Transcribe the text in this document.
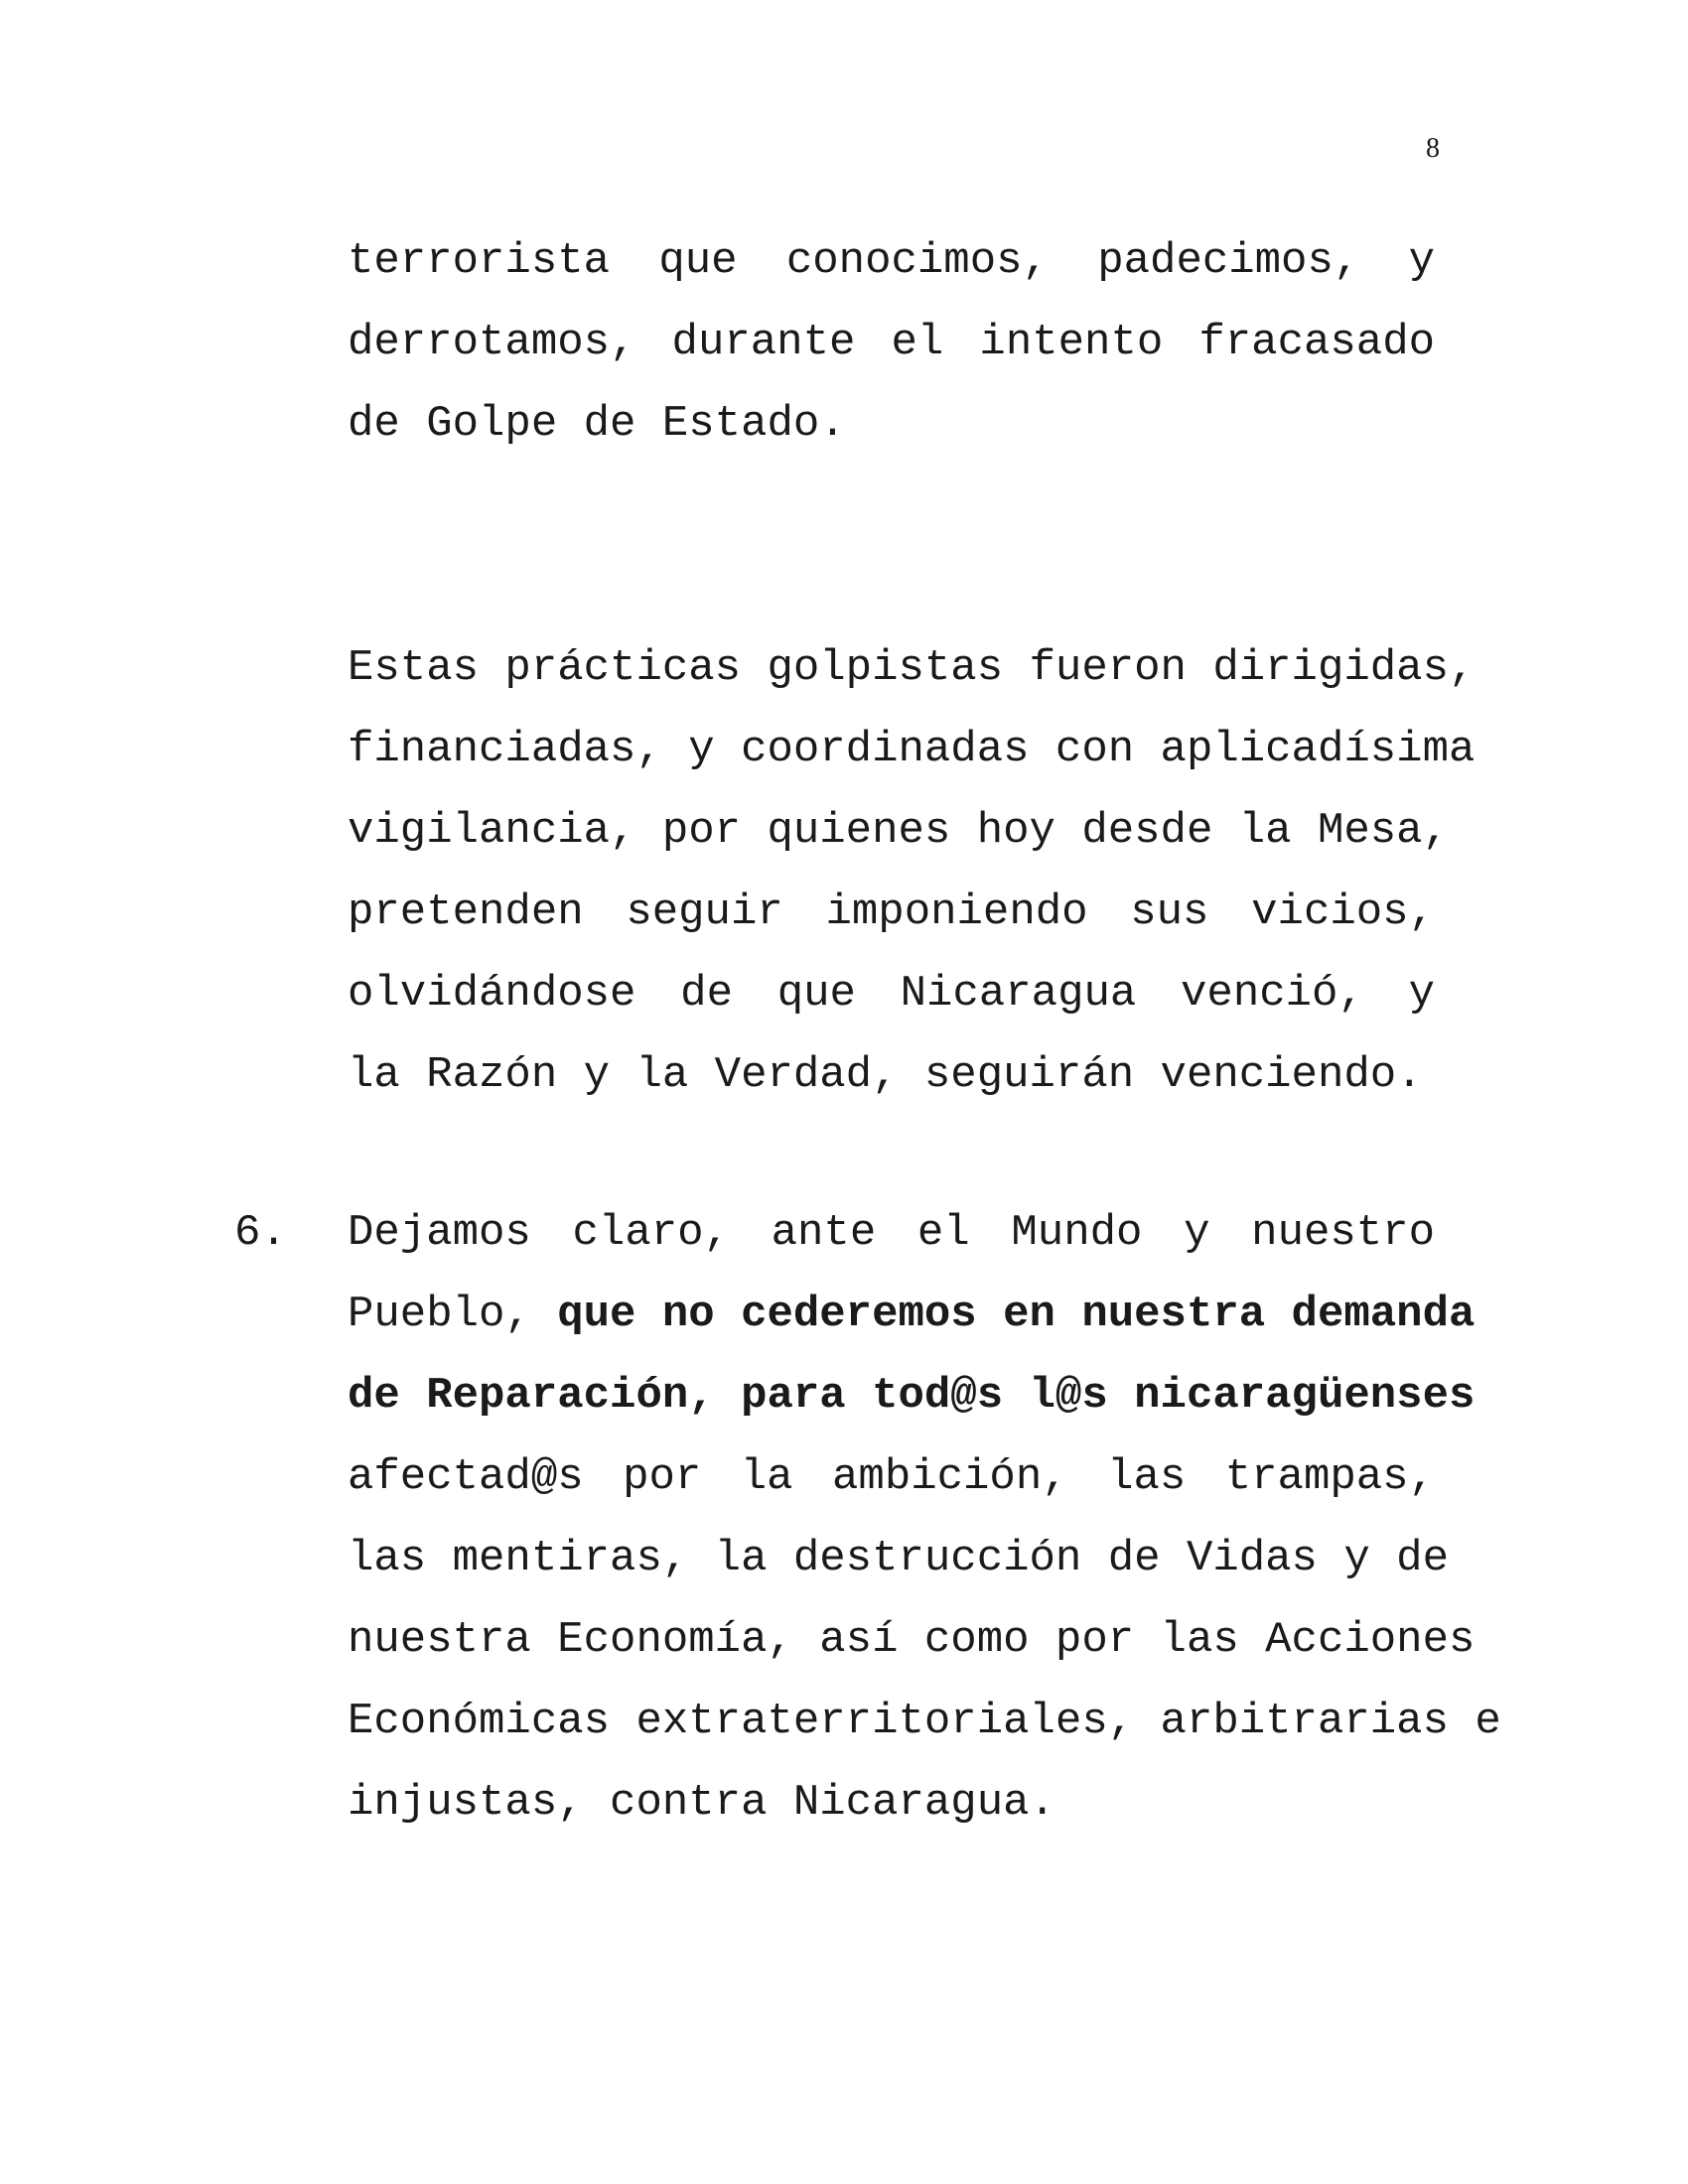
8
terrorista que conocimos, padecimos, y
derrotamos, durante el intento fracasado
de Golpe de Estado.
Estas prácticas golpistas fueron dirigidas,
financiadas, y coordinadas con aplicadísima
vigilancia, por quienes hoy desde la Mesa,
pretenden seguir imponiendo sus vicios,
olvidándose de que Nicaragua venció, y
la Razón y la Verdad, seguirán venciendo.
6. Dejamos claro, ante el Mundo y nuestro
Pueblo, que no cederemos en nuestra demanda
de Reparación, para tod@s l@s nicaragüenses
afectad@s por la ambición, las trampas,
las mentiras, la destrucción de Vidas y de
nuestra Economía, así como por las Acciones
Económicas extraterritoriales, arbitrarias e
injustas, contra Nicaragua.
